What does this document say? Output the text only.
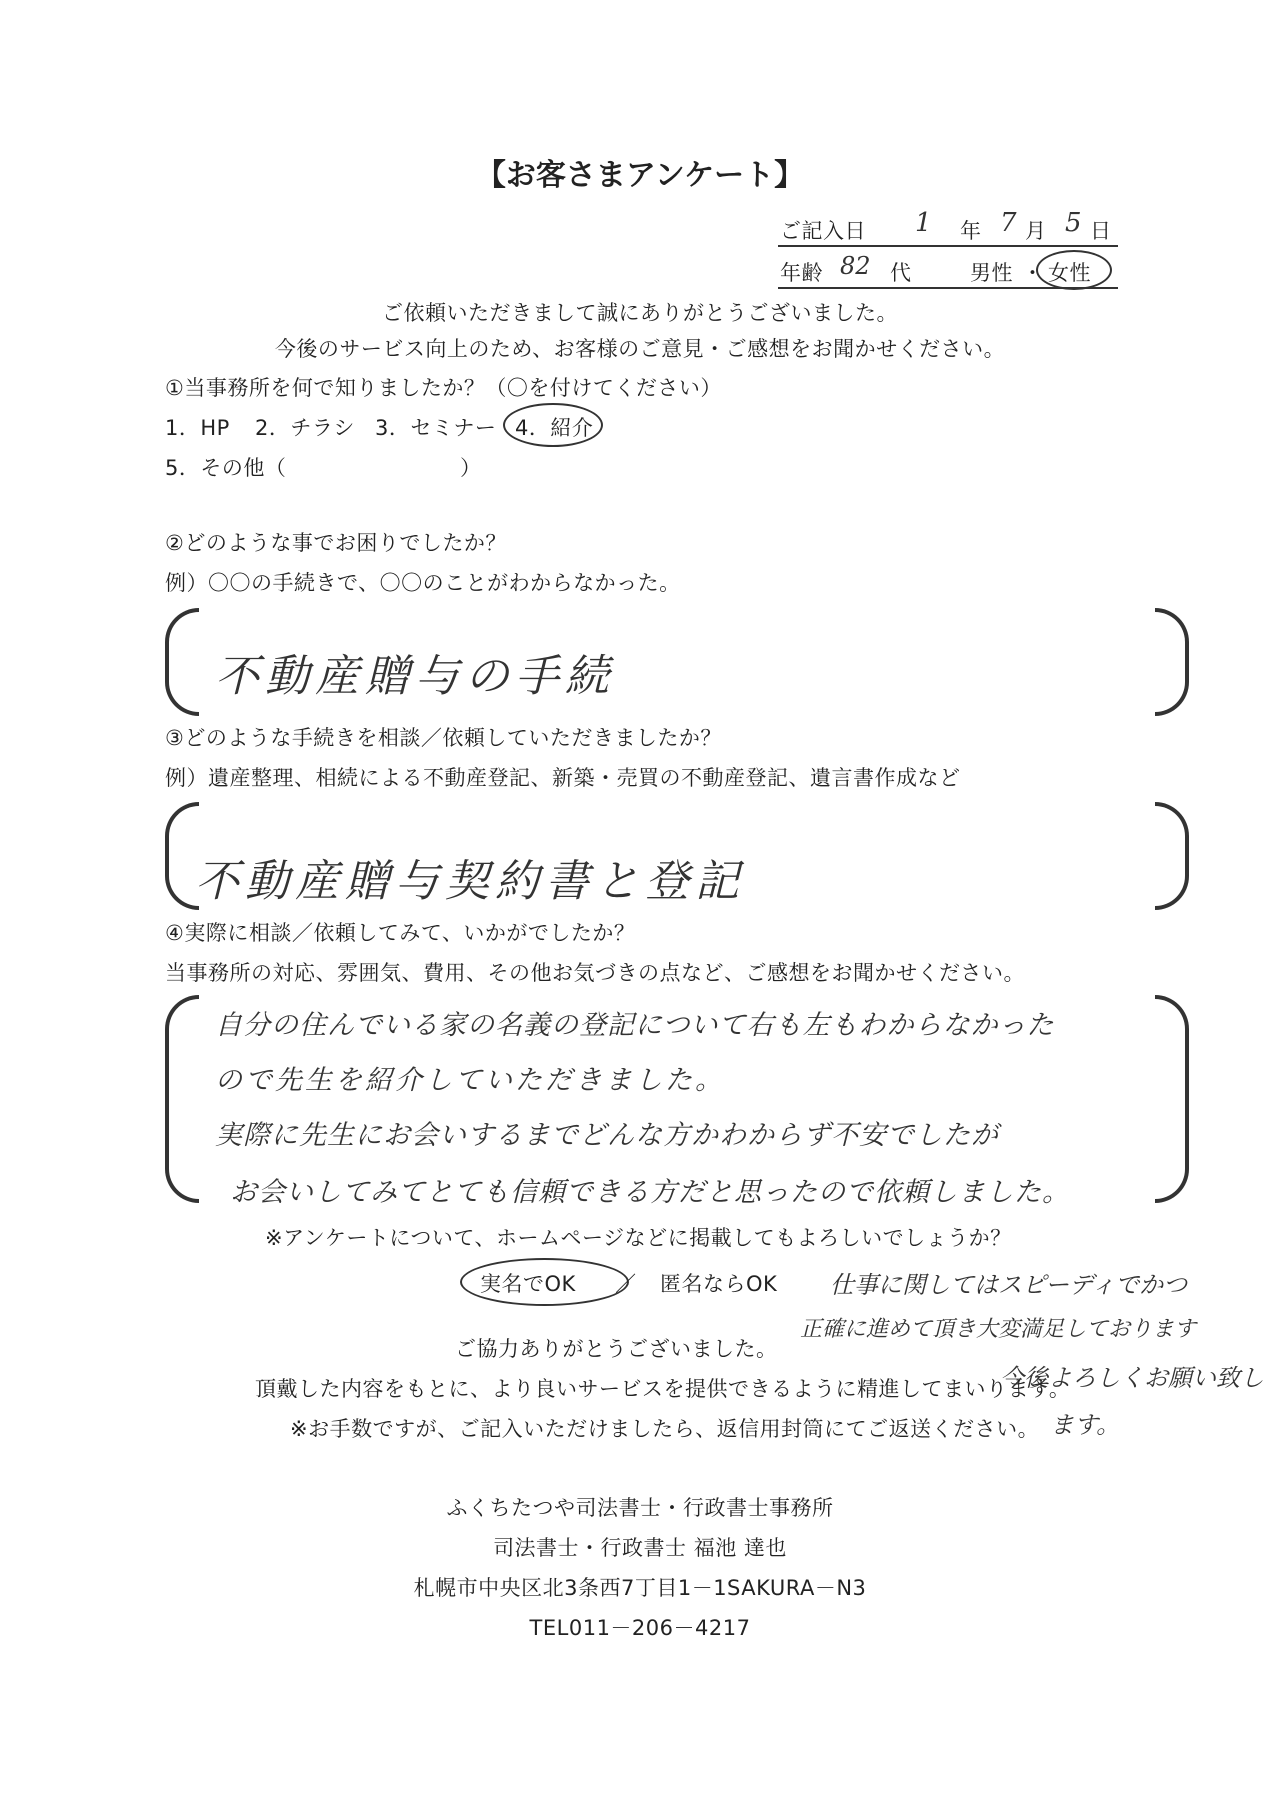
【お客さまアンケート】
ご記入日 1 年 7 月 5 日
年齢 82 代	男性 ・ 女性
ご依頼いただきまして誠にありがとうございました。
今後のサービス向上のため、お客様のご意見・ご感想をお聞かせください。
①当事務所を何で知りましたか？（〇を付けてください）
1．HP 2．チラシ 3．セミナー 4．紹介
5．その他（	）
②どのような事でお困りでしたか？
例）〇〇の手続きで、〇〇のことがわからなかった。
不動産贈与の手続
③どのような手続きを相談／依頼していただきましたか？
例）遺産整理、相続による不動産登記、新築・売買の不動産登記、遺言書作成など
不動産贈与契約書と登記
④実際に相談／依頼してみて、いかがでしたか？
当事務所の対応、雰囲気、費用、その他お気づきの点など、ご感想をお聞かせください。
自分の住んでいる家の名義の登記について右も左もわからなかった
ので先生を紹介していただきました。
実際に先生にお会いするまでどんな方かわからず不安でしたが
お会いしてみてとても信頼できる方だと思ったので依頼しました。
※アンケートについて、ホームページなどに掲載してもよろしいでしょうか？
実名でOK ／ 匿名ならOK 仕事に関してはスピーディでかつ
正確に進めて頂き大変満足しております
今後よろしくお願い致し
ます。
ご協力ありがとうございました。
頂戴した内容をもとに、より良いサービスを提供できるように精進してまいります。
※お手数ですが、ご記入いただけましたら、返信用封筒にてご返送ください。
ふくちたつや司法書士・行政書士事務所
司法書士・行政書士 福池 達也
札幌市中央区北3条西7丁目1－1SAKURA－N3
TEL011－206－4217
